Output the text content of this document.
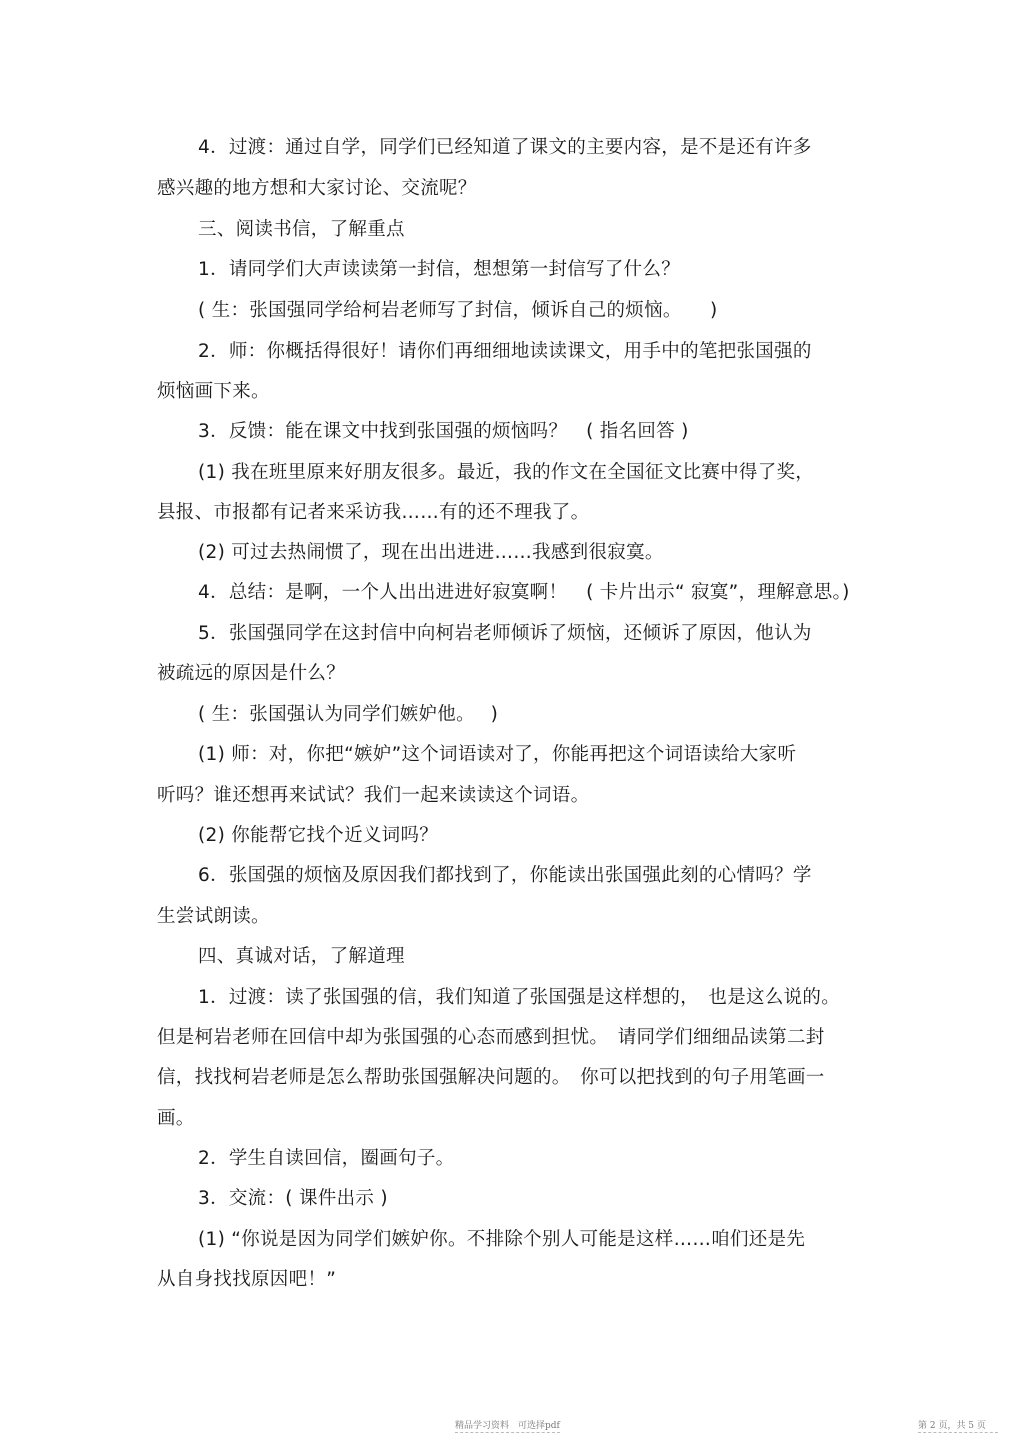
4．过渡：通过自学，同学们已经知道了课文的主要内容，是不是还有许多
感兴趣的地方想和大家讨论、交流呢？
三、阅读书信，了解重点
1．请同学们大声读读第一封信，想想第一封信写了什么？
( 生：张国强同学给柯岩老师写了封信，倾诉自己的烦恼。　　)
2．师：你概括得很好！请你们再细细地读读课文，用手中的笔把张国强的
烦恼画下来。
3．反馈：能在课文中找到张国强的烦恼吗？　( 指名回答 )
(1) 我在班里原来好朋友很多。最近，我的作文在全国征文比赛中得了奖，
县报、市报都有记者来采访我……有的还不理我了。
(2) 可过去热闹惯了，现在出出进进……我感到很寂寞。
4．总结：是啊，一个人出出进进好寂寞啊！　( 卡片出示“ 寂寞”，理解意思。)
5．张国强同学在这封信中向柯岩老师倾诉了烦恼，还倾诉了原因，他认为
被疏远的原因是什么？
( 生：张国强认为同学们嫉妒他。　 )
(1) 师：对，你把“嫉妒”这个词语读对了，你能再把这个词语读给大家听
听吗？谁还想再来试试？我们一起来读读这个词语。
(2) 你能帮它找个近义词吗？
6．张国强的烦恼及原因我们都找到了，你能读出张国强此刻的心情吗？学
生尝试朗读。
四、真诚对话，了解道理
1．过渡：读了张国强的信，我们知道了张国强是这样想的，　也是这么说的。
但是柯岩老师在回信中却为张国强的心态而感到担忧。　请同学们细细品读第二封
信，找找柯岩老师是怎么帮助张国强解决问题的。　你可以把找到的句子用笔画一
画。
2．学生自读回信，圈画句子。
3．交流：( 课件出示 )
(1) “你说是因为同学们嫉妒你。不排除个别人可能是这样……咱们还是先
从自身找找原因吧！”
精品学习资料　可选择pdf	第 2 页，共 5 页
